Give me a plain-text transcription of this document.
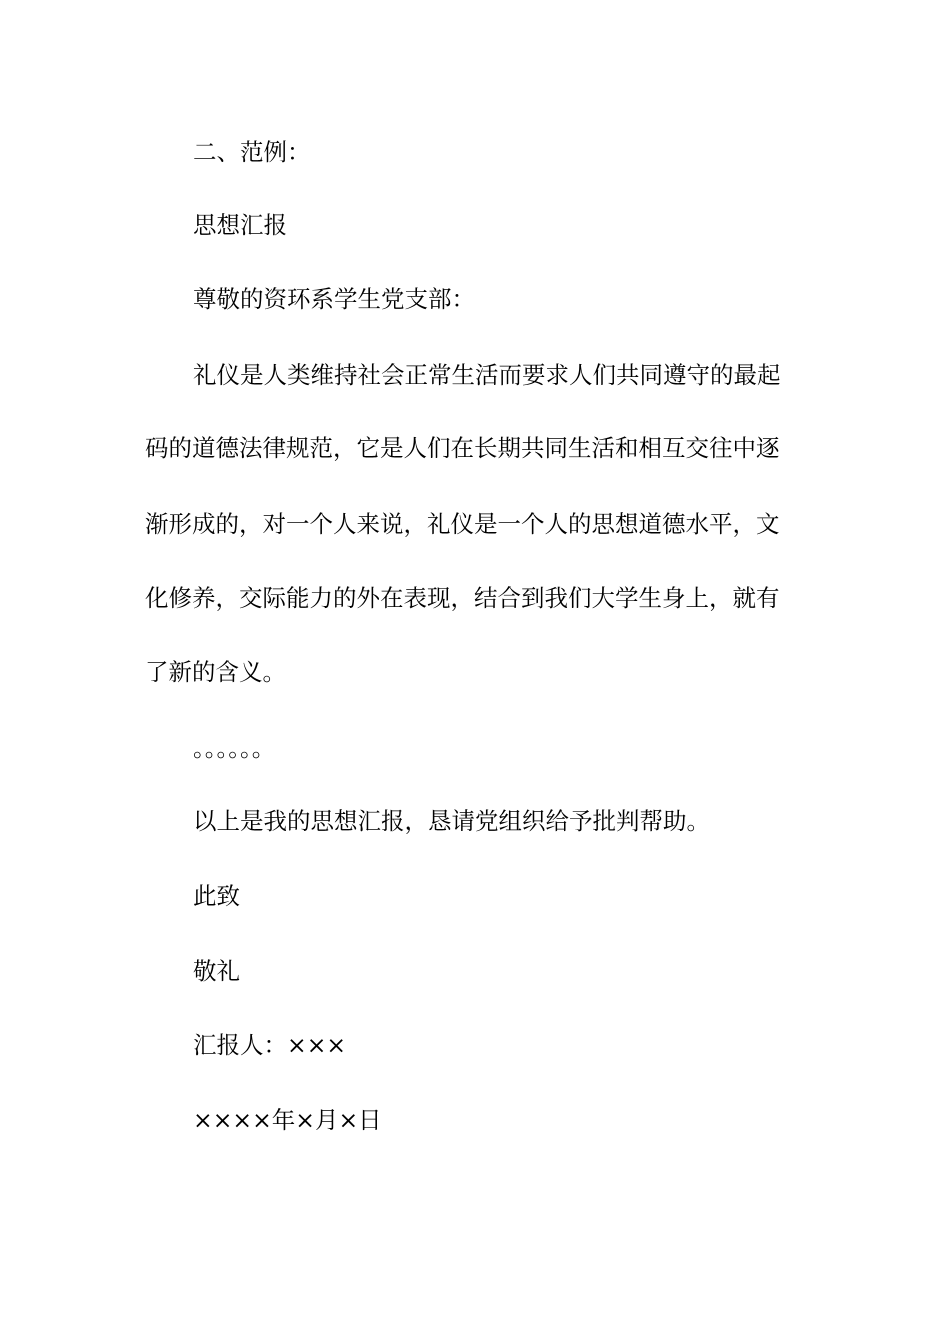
二、范例：
思想汇报
尊敬的资环系学生党支部：
礼仪是人类维持社会正常生活而要求人们共同遵守的最起
码的道德法律规范，它是人们在长期共同生活和相互交往中逐
渐形成的，对一个人来说，礼仪是一个人的思想道德水平，文
化修养，交际能力的外在表现，结合到我们大学生身上，就有
了新的含义。
。。。。。。
以上是我的思想汇报，恳请党组织给予批判帮助。
此致
敬礼
汇报人：×××
××××年×月×日
